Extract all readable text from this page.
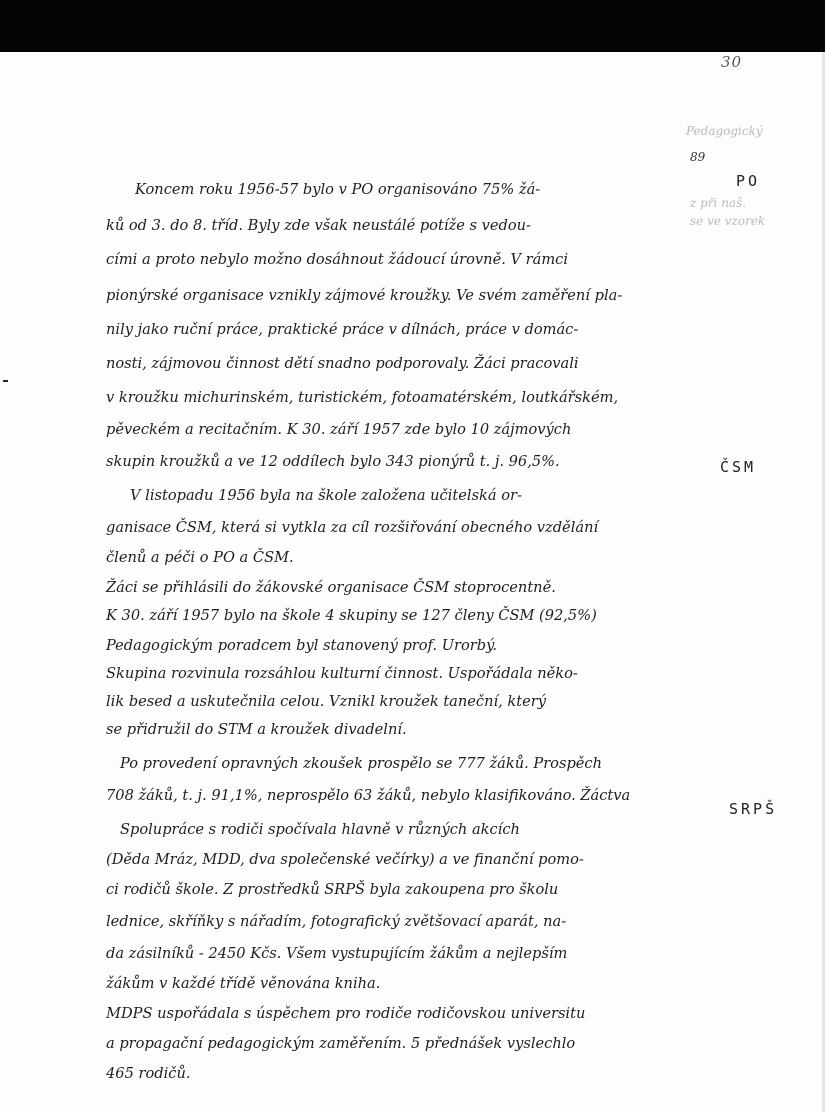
30
89
PO
ČSM
SRPŠ
Pedagogický
z při naš.
se ve vzorek
Koncem roku 1956-57 bylo v PO organisováno 75% žá-
ků od 3. do 8. tříd. Byly zde však neustálé potíže s vedou-
cími a proto nebylo možno dosáhnout žádoucí úrovně. V rámci
pionýrské organisace vznikly zájmové kroužky. Ve svém zaměření pla-
nily jako ruční práce, praktické práce v dílnách, práce v domác-
nosti, zájmovou činnost dětí snadno podporovaly. Žáci pracovali
v kroužku michurinském, turistickém, fotoamatérském, loutkářském,
pěveckém a recitačním. K 30. září 1957 zde bylo 10 zájmových
skupin kroužků a ve 12 oddílech bylo 343 pionýrů t. j. 96,5%.
V listopadu 1956 byla na škole založena učitelská or-
ganisace ČSM, která si vytkla za cíl rozšiřování obecného vzdělání
členů a péči o PO a ČSM.
Žáci se přihlásili do žákovské organisace ČSM stoprocentně.
K 30. září 1957 bylo na škole 4 skupiny se 127 členy ČSM (92,5%)
Pedagogickým poradcem byl stanovený prof. Urorbý.
Skupina rozvinula rozsáhlou kulturní činnost. Uspořádala něko-
lik besed a uskutečnila celou. Vznikl kroužek taneční, který
se přidružil do STM a kroužek divadelní.
Po provedení opravných zkoušek prospělo se 777 žáků. Prospěch
708 žáků, t. j. 91,1%, neprospělo 63 žáků, nebylo klasifikováno. Žáctva
Spolupráce s rodiči spočívala hlavně v různých akcích
(Děda Mráz, MDD, dva společenské večírky) a ve finanční pomo-
ci rodičů škole. Z prostředků SRPŠ byla zakoupena pro školu
lednice, skříňky s nářadím, fotografický zvětšovací aparát, na-
da zásilníků - 2450 Kčs. Všem vystupujícím žákům a nejlepším
žákům v každé třídě věnována kniha.
MDPS uspořádala s úspěchem pro rodiče rodičovskou universitu
a propagační pedagogickým zaměřením. 5 přednášek vyslechlo
465 rodičů.
